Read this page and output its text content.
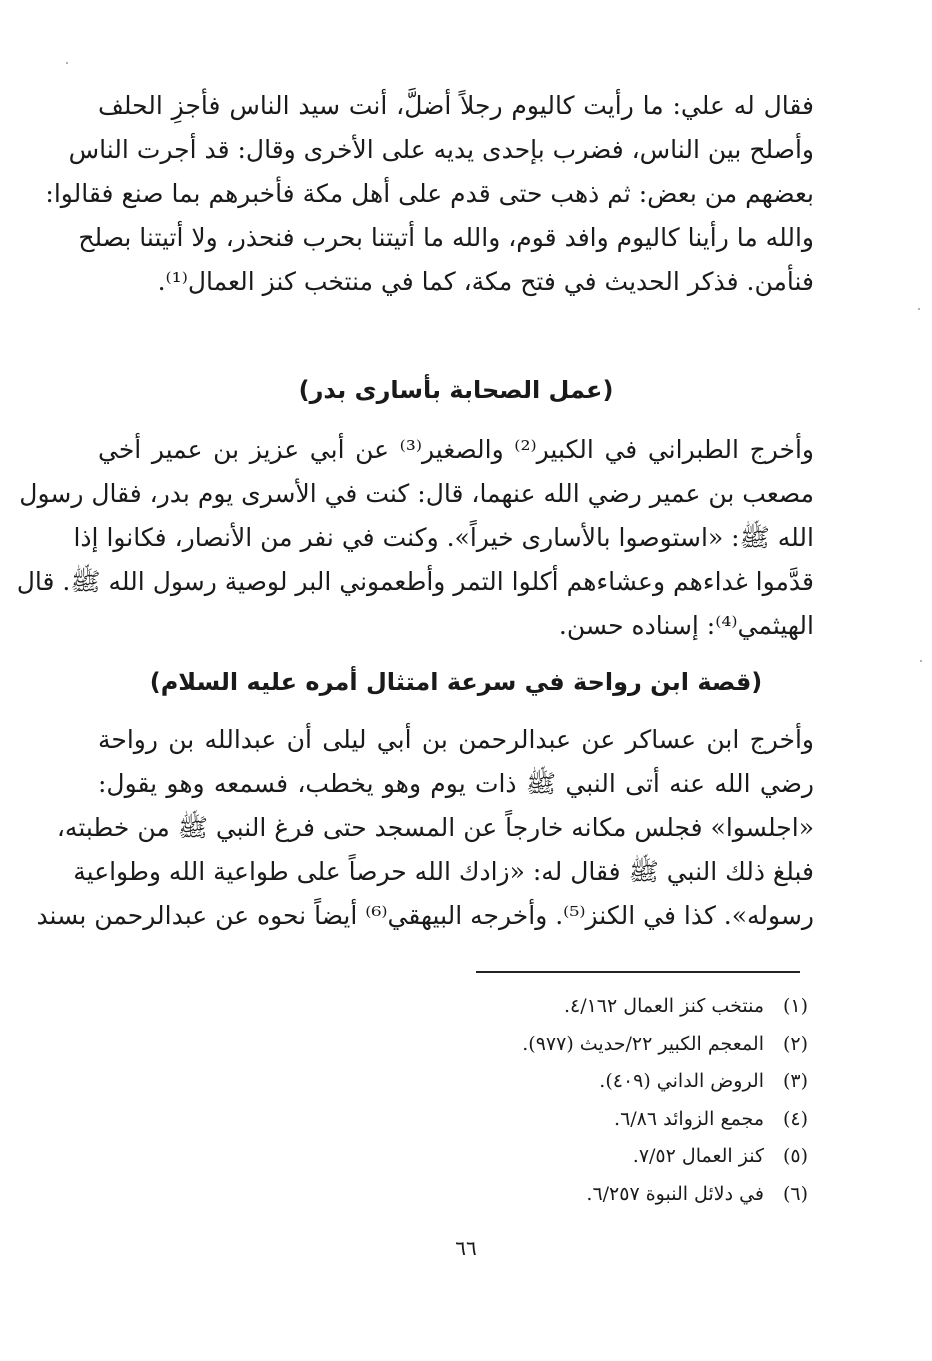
فقال له علي: ما رأيت كاليوم رجلاً أضلَّ، أنت سيد الناس فأجزِ الحلف
وأصلح بين الناس، فضرب بإحدى يديه على الأخرى وقال: قد أجرت الناس
بعضهم من بعض: ثم ذهب حتى قدم على أهل مكة فأخبرهم بما صنع فقالوا:
والله ما رأينا كاليوم وافد قوم، والله ما أتيتنا بحرب فنحذر، ولا أتيتنا بصلح
فنأمن. فذكر الحديث في فتح مكة، كما في منتخب كنز العمال⁽¹⁾.
(عمل الصحابة بأسارى بدر)
وأخرج الطبراني في الكبير⁽²⁾ والصغير⁽³⁾ عن أبي عزيز بن عمير أخي
مصعب بن عمير رضي الله عنهما، قال: كنت في الأسرى يوم بدر، فقال رسول
الله ﷺ: «استوصوا بالأسارى خيراً». وكنت في نفر من الأنصار، فكانوا إذا
قدَّموا غداءهم وعشاءهم أكلوا التمر وأطعموني البر لوصية رسول الله ﷺ. قال
الهيثمي⁽⁴⁾: إسناده حسن.
(قصة ابن رواحة في سرعة امتثال أمره عليه السلام)
وأخرج ابن عساكر عن عبدالرحمن بن أبي ليلى أن عبدالله بن رواحة
رضي الله عنه أتى النبي ﷺ ذات يوم وهو يخطب، فسمعه وهو يقول:
«اجلسوا» فجلس مكانه خارجاً عن المسجد حتى فرغ النبي ﷺ من خطبته،
فبلغ ذلك النبي ﷺ فقال له: «زادك الله حرصاً على طواعية الله وطواعية
رسوله». كذا في الكنز⁽⁵⁾. وأخرجه البيهقي⁽⁶⁾ أيضاً نحوه عن عبدالرحمن بسند
(١)منتخب كنز العمال ٤/١٦٢.
(٢)المعجم الكبير ٢٢/حديث (٩٧٧).
(٣)الروض الداني (٤٠٩).
(٤)مجمع الزوائد ٦/٨٦.
(٥)كنز العمال ٧/٥٢.
(٦)في دلائل النبوة ٦/٢٥٧.
٦٦
